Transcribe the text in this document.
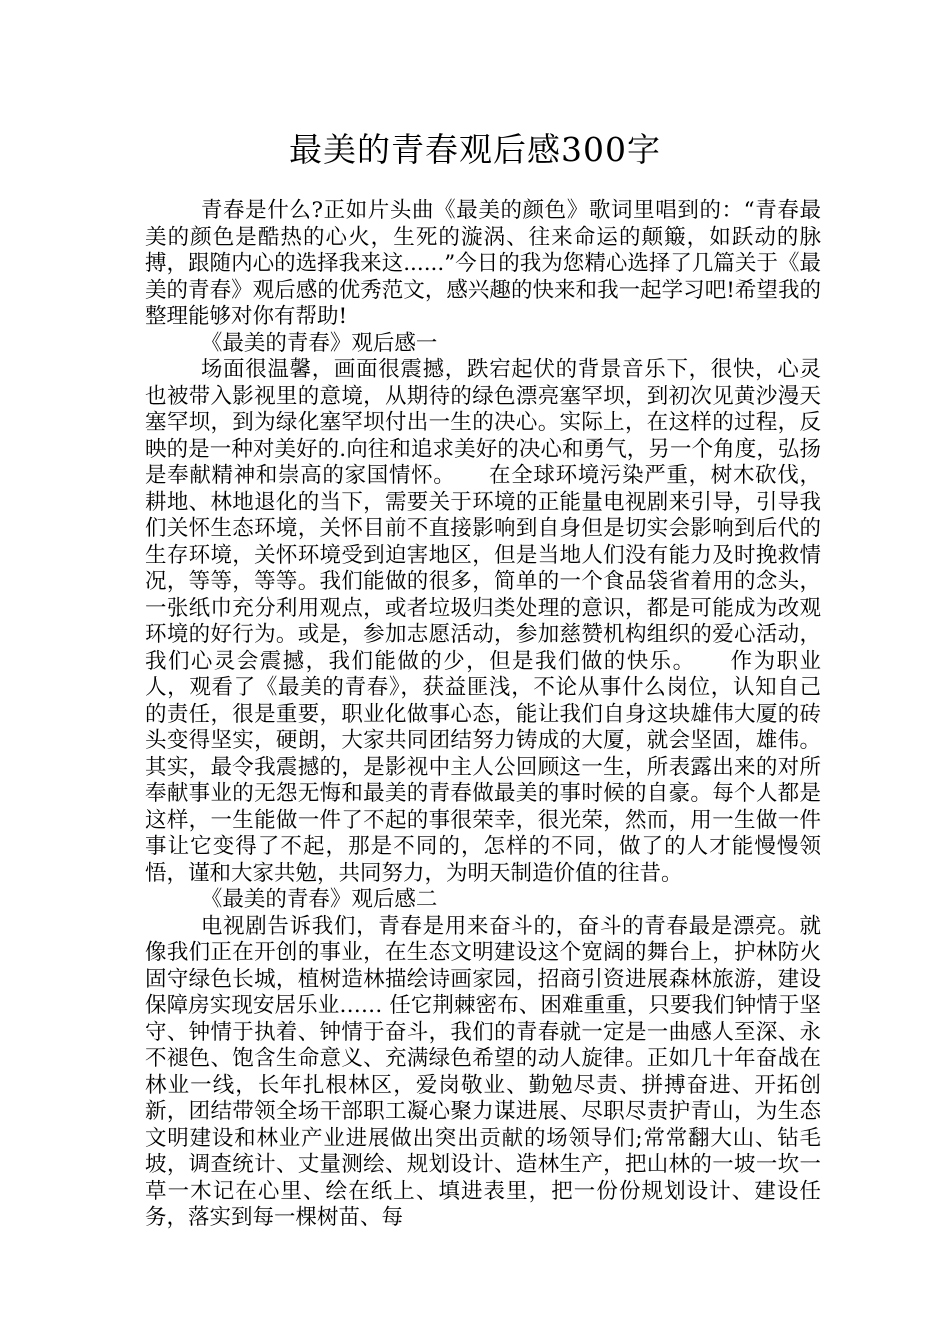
最美的青春观后感300字

青春是什么?正如片头曲《最美的颜色》歌词里唱到的：“青春最美的颜色是酷热的心火，生死的漩涡、往来命运的颠簸，如跃动的脉搏，跟随内心的选择我来这......”今日的我为您精心选择了几篇关于《最美的青春》观后感的优秀范文，感兴趣的快来和我一起学习吧!希望我的整理能够对你有帮助!

《最美的青春》观后感一

场面很温馨，画面很震撼，跌宕起伏的背景音乐下，很快，心灵也被带入影视里的意境，从期待的绿色漂亮塞罕坝，到初次见黄沙漫天塞罕坝，到为绿化塞罕坝付出一生的决心。实际上，在这样的过程，反映的是一种对美好的.向往和追求美好的决心和勇气，另一个角度，弘扬是奉献精神和崇高的家国情怀。　　在全球环境污染严重，树木砍伐，耕地、林地退化的当下，需要关于环境的正能量电视剧来引导，引导我们关怀生态环境，关怀目前不直接影响到自身但是切实会影响到后代的生存环境，关怀环境受到迫害地区，但是当地人们没有能力及时挽救情况，等等，等等。我们能做的很多，简单的一个食品袋省着用的念头，一张纸巾充分利用观点，或者垃圾归类处理的意识，都是可能成为改观环境的好行为。或是，参加志愿活动，参加慈赞机构组织的爱心活动，我们心灵会震撼，我们能做的少，但是我们做的快乐。　　作为职业人，观看了《最美的青春》，获益匪浅，不论从事什么岗位，认知自己的责任，很是重要，职业化做事心态，能让我们自身这块雄伟大厦的砖头变得坚实，硬朗，大家共同团结努力铸成的大厦，就会坚固，雄伟。其实，最令我震撼的，是影视中主人公回顾这一生，所表露出来的对所奉献事业的无怨无悔和最美的青春做最美的事时候的自豪。每个人都是这样，一生能做一件了不起的事很荣幸，很光荣，然而，用一生做一件事让它变得了不起，那是不同的，怎样的不同，做了的人才能慢慢领悟，谨和大家共勉，共同努力，为明天制造价值的往昔。

《最美的青春》观后感二

电视剧告诉我们，青春是用来奋斗的，奋斗的青春最是漂亮。就像我们正在开创的事业，在生态文明建设这个宽阔的舞台上，护林防火固守绿色长城，植树造林描绘诗画家园，招商引资进展森林旅游，建设保障房实现安居乐业…… 任它荆棘密布、困难重重，只要我们钟情于坚守、钟情于执着、钟情于奋斗，我们的青春就一定是一曲感人至深、永不褪色、饱含生命意义、充满绿色希望的动人旋律。正如几十年奋战在林业一线，长年扎根林区，爱岗敬业、勤勉尽责、拼搏奋进、开拓创新，团结带领全场干部职工凝心聚力谋进展、尽职尽责护青山，为生态文明建设和林业产业进展做出突出贡献的场领导们;常常翻大山、钻毛坡，调查统计、丈量测绘、规划设计、造林生产，把山林的一坡一坎一草一木记在心里、绘在纸上、填进表里，把一份份规划设计、建设任务，落实到每一棵树苗、每
